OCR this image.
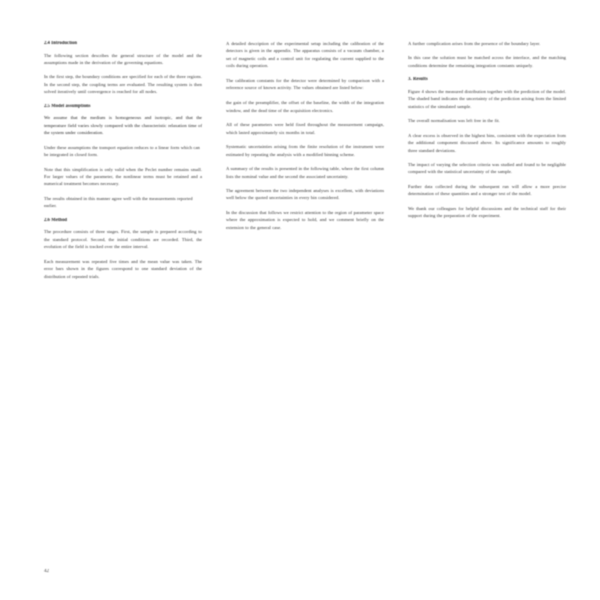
2.4 Introduction

The following section describes the general structure of the model and the assumptions made in the derivation of the governing equations.

In the first step, the boundary conditions are specified for each of the three regions. In the second step, the coupling terms are evaluated. The resulting system is then solved iteratively until convergence is reached for all nodes.

2.5 Model assumptions

We assume that the medium is homogeneous and isotropic, and that the temperature field varies slowly compared with the characteristic relaxation time of the system under consideration.

Under these assumptions the transport equation reduces to a linear form which can be integrated in closed form.

Note that this simplification is only valid when the Peclet number remains small. For larger values of the parameter, the nonlinear terms must be retained and a numerical treatment becomes necessary.

The results obtained in this manner agree well with the measurements reported earlier.

2.6 Method

The procedure consists of three stages. First, the sample is prepared according to the standard protocol. Second, the initial conditions are recorded. Third, the evolution of the field is tracked over the entire interval.

Each measurement was repeated five times and the mean value was taken. The error bars shown in the figures correspond to one standard deviation of the distribution of repeated trials.

A detailed description of the experimental setup including the calibration of the detectors is given in the appendix. The apparatus consists of a vacuum chamber, a set of magnetic coils and a control unit for regulating the current supplied to the coils during operation.

The calibration constants for the detector were determined by comparison with a reference source of known activity. The values obtained are listed below:

the gain of the preamplifier, the offset of the baseline, the width of the integration window, and the dead time of the acquisition electronics.

All of these parameters were held fixed throughout the measurement campaign, which lasted approximately six months in total.

Systematic uncertainties arising from the finite resolution of the instrument were estimated by repeating the analysis with a modified binning scheme.

A summary of the results is presented in the following table, where the first column lists the nominal value and the second the associated uncertainty.

The agreement between the two independent analyses is excellent, with deviations well below the quoted uncertainties in every bin considered.

In the discussion that follows we restrict attention to the region of parameter space where the approximation is expected to hold, and we comment briefly on the extension to the general case.

A further complication arises from the presence of the boundary layer.

In this case the solution must be matched across the interface, and the matching conditions determine the remaining integration constants uniquely.

3. Results

Figure 4 shows the measured distribution together with the prediction of the model. The shaded band indicates the uncertainty of the prediction arising from the limited statistics of the simulated sample.

The overall normalisation was left free in the fit.

A clear excess is observed in the highest bins, consistent with the expectation from the additional component discussed above. Its significance amounts to roughly three standard deviations.

The impact of varying the selection criteria was studied and found to be negligible compared with the statistical uncertainty of the sample.

Further data collected during the subsequent run will allow a more precise determination of these quantities and a stronger test of the model.

We thank our colleagues for helpful discussions and the technical staff for their support during the preparation of the experiment.

42
